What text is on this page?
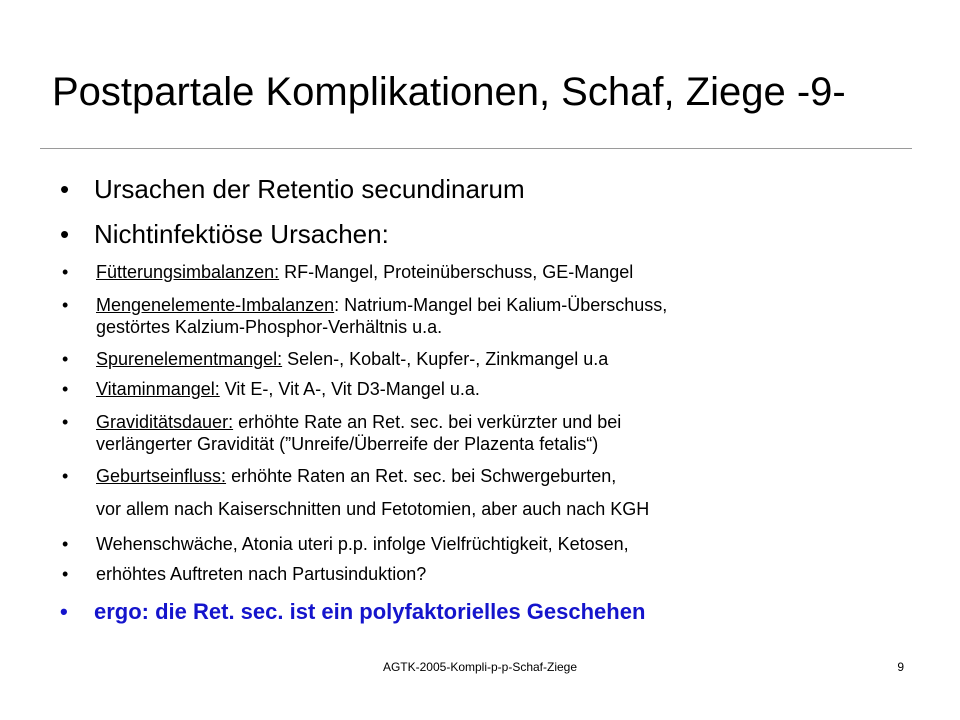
Postpartale Komplikationen, Schaf, Ziege -9-
• Ursachen der Retentio secundinarum
• Nichtinfektiöse Ursachen:
• Fütterungsimbalanzen: RF-Mangel, Proteinüberschuss, GE-Mangel
• Mengenelemente-Imbalanzen: Natrium-Mangel bei Kalium-Überschuss,
gestörtes Kalzium-Phosphor-Verhältnis u.a.
• Spurenelementmangel: Selen-, Kobalt-, Kupfer-, Zinkmangel u.a
• Vitaminmangel: Vit E-, Vit A-, Vit D3-Mangel u.a.
• Graviditätsdauer: erhöhte Rate an Ret. sec. bei verkürzter und bei
verlängerter Gravidität (”Unreife/Überreife der Plazenta fetalis“)
• Geburtseinfluss: erhöhte Raten an Ret. sec. bei Schwergeburten,
vor allem nach Kaiserschnitten und Fetotomien, aber auch nach KGH
• Wehenschwäche, Atonia uteri p.p. infolge Vielfrüchtigkeit, Ketosen,
• erhöhtes Auftreten nach Partusinduktion?
• ergo: die Ret. sec. ist ein polyfaktorielles Geschehen
AGTK-2005-Kompli-p-p-Schaf-Ziege	9
